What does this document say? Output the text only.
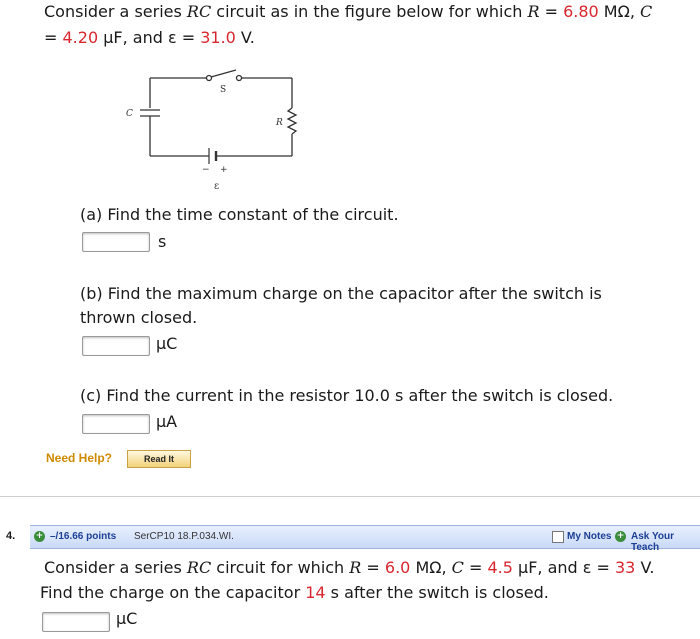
Consider a series RC circuit as in the figure below for which R = 6.80 MΩ, C
= 4.20 μF, and ε = 31.0 V.
S
C
R
ε
− +
(a) Find the time constant of the circuit.
s
(b) Find the maximum charge on the capacitor after the switch is
thrown closed.
μC
(c) Find the current in the resistor 10.0 s after the switch is closed.
μA
Need Help?	Read It
4. + –/16.66 points SerCP10 18.P.034.WI.	My Notes + Ask Your Teach
Consider a series RC circuit for which R = 6.0 MΩ, C = 4.5 μF, and ε = 33 V.
Find the charge on the capacitor 14 s after the switch is closed.
μC
